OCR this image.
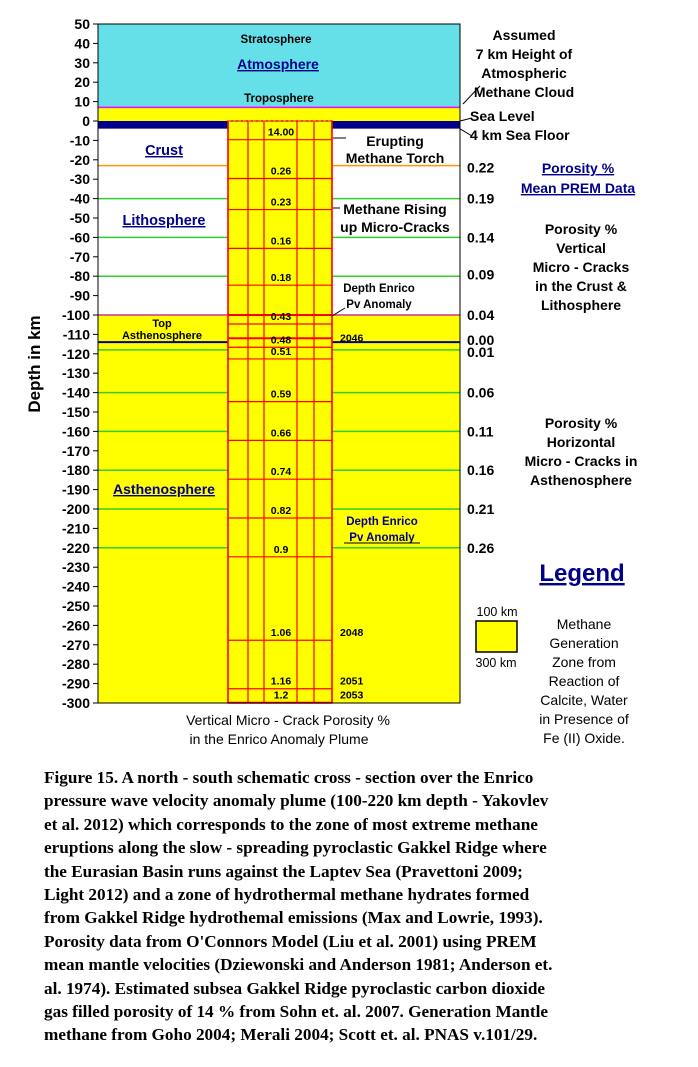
50
40
30
20
10
0
-10
-20
-30
-40
-50
-60
-70
-80
-90
-100
-110
-120
-130
-140
-150
-160
-170
-180
-190
-200
-210
-220
-230
-240
-250
-260
-270
-280
-290
-300
Depth in km
Vertical Micro - Crack Porosity %
in the Enrico Anomaly Plume
Stratosphere
Atmosphere
Troposphere
Crust
Lithosphere
Top
Asthenosphere
Asthenosphere
14.00
0.26
0.23
0.16
0.18
0.43
0.48
0.51
0.59
0.66
0.74
0.82
0.9
1.06
1.16
1.2
2046
2048
2051
2053
0.22
0.19
0.14
0.09
0.04
0.00
0.01
0.06
0.11
0.16
0.21
0.26
Assumed
7 km Height of
Atmospheric
Methane Cloud
Sea Level
4 km Sea Floor
Erupting
Methane Torch
Methane Rising
up Micro-Cracks
Depth Enrico
Pv Anomaly
Depth Enrico
Pv Anomaly
Porosity %
Mean PREM Data
Porosity %
Vertical
Micro - Cracks
in the Crust &
Lithosphere
Porosity %
Horizontal
Micro - Cracks in
Asthenosphere
Legend
100 km
300 km
Methane
Generation
Zone from
Reaction of
Calcite, Water
in Presence of
Fe (II) Oxide.
Figure 15. A north - south schematic cross - section over the Enrico
pressure wave velocity anomaly plume (100-220 km depth - Yakovlev
et al. 2012) which corresponds to the zone of most extreme methane
eruptions along the slow - spreading pyroclastic Gakkel Ridge where
the Eurasian Basin runs against the Laptev Sea (Pravettoni 2009;
Light 2012) and a zone of hydrothermal methane hydrates formed
from Gakkel Ridge hydrothemal emissions (Max and Lowrie, 1993).
Porosity data from O'Connors Model (Liu et al. 2001) using PREM
mean mantle velocities (Dziewonski and Anderson 1981; Anderson et.
al. 1974). Estimated subsea Gakkel Ridge pyroclastic carbon dioxide
gas filled porosity of 14 % from Sohn et. al. 2007. Generation Mantle
methane from Goho 2004; Merali 2004; Scott et. al. PNAS v.101/29.
